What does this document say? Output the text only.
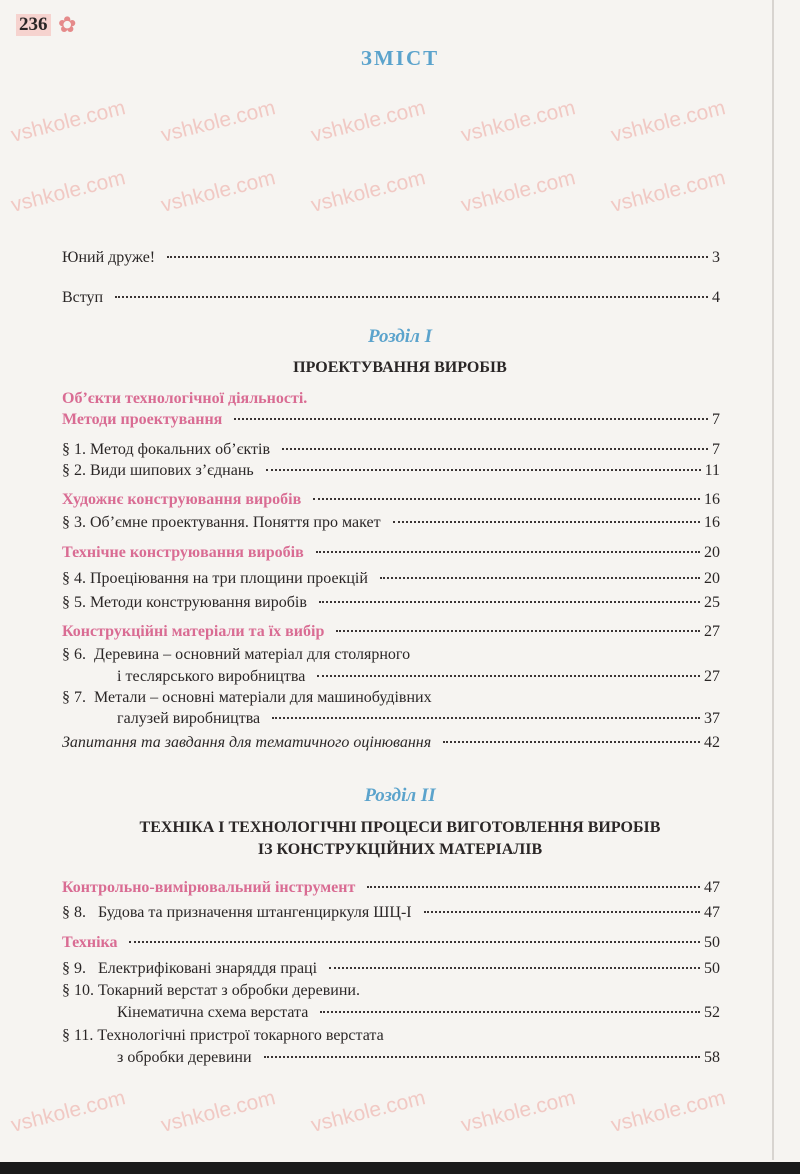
vshkole.com vshkole.com vshkole.com vshkole.com vshkole.com
vshkole.com vshkole.com vshkole.com vshkole.com vshkole.com
vshkole.com vshkole.com vshkole.com vshkole.com vshkole.com
236 ✿
ЗМІСТ
Юний друже!	3
Вступ	4
Розділ I
ПРОЕКТУВАННЯ ВИРОБІВ
Об’єкти технологічної діяльності.
Методи проектування	7
§ 1. Метод фокальних об’єктів	7
§ 2. Види шипових з’єднань	11
Художнє конструювання виробів	16
§ 3. Об’ємне проектування. Поняття про макет	16
Технічне конструювання виробів	20
§ 4. Проеціювання на три площини проекцій	20
§ 5. Методи конструювання виробів	25
Конструкційні матеріали та їх вибір	27
§ 6.  Деревина – основний матеріал для столярного
і теслярського виробництва	27
§ 7.  Метали – основні матеріали для машинобудівних
галузей виробництва	37
Запитання та завдання для тематичного оцінювання	42
Розділ II
ТЕХНІКА І ТЕХНОЛОГІЧНІ ПРОЦЕСИ ВИГОТОВЛЕННЯ ВИРОБІВ
ІЗ КОНСТРУКЦІЙНИХ МАТЕРІАЛІВ
Контрольно-вимірювальний інструмент	47
§ 8. Будова та призначення штангенциркуля ШЦ-І	47
Техніка	50
§ 9. Електрифіковані знаряддя праці	50
§ 10. Токарний верстат з обробки деревини.
Кінематична схема верстата	52
§ 11. Технологічні пристрої токарного верстата
з обробки деревини	58
